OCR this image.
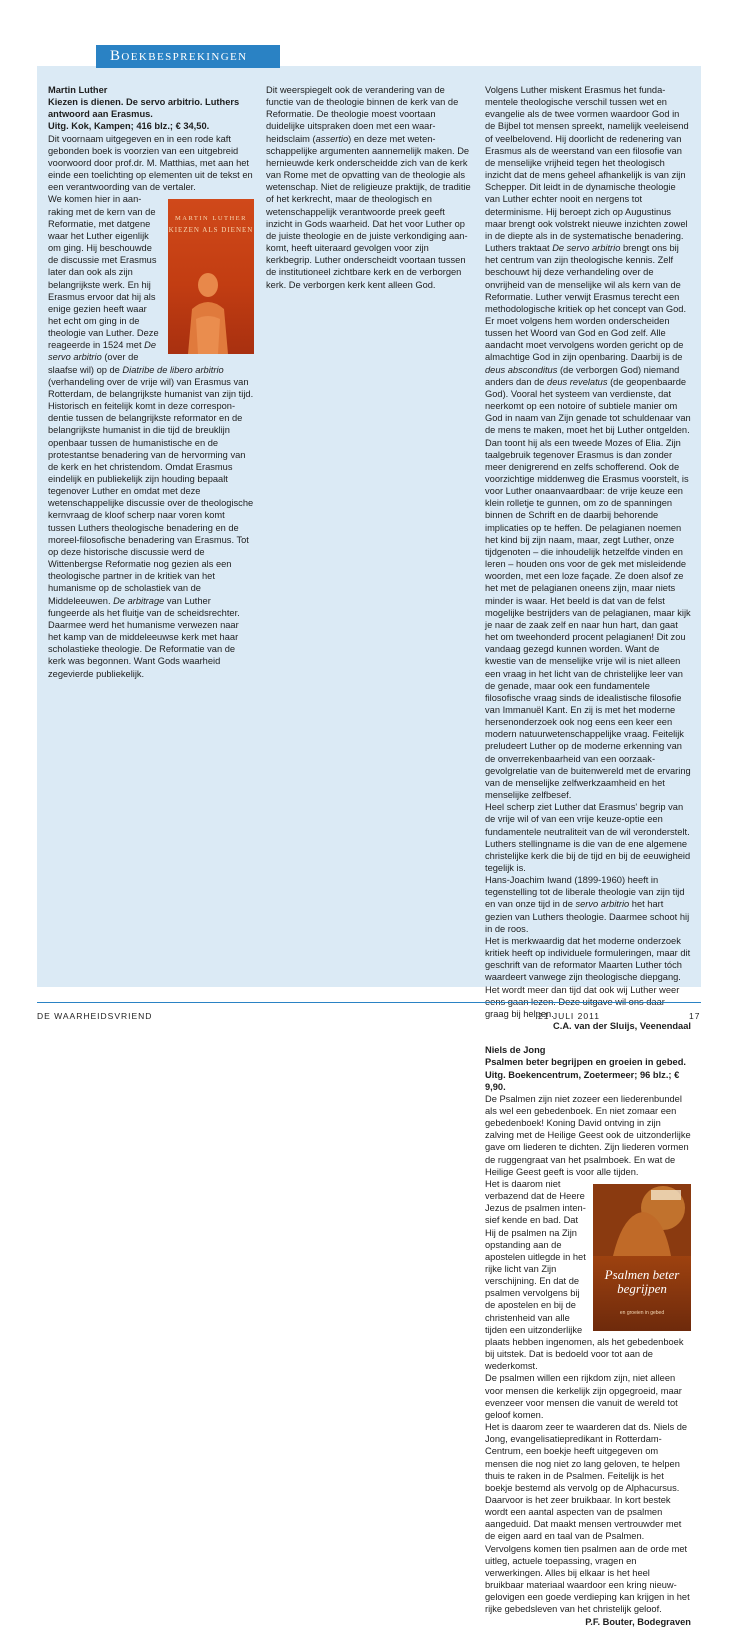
Boekbesprekingen

Martin Luther

Kiezen is dienen. De servo arbitrio. Luthers antwoord aan Erasmus.

Uitg. Kok, Kampen; 416 blz.; € 34,50.

Dit voornaam uitgegeven en in een rode kaft gebonden boek is voorzien van een uitgebreid voorwoord door prof.dr. M. Matthias, met aan het einde een toelichting op elementen uit de tekst en een verantwoording van de vertaler.

MARTIN LUTHER
KIEZEN ALS DIENEN

We komen hier in aanraking met de kern van de Reformatie, met datgene waar het Luther eigenlijk om ging. Hij beschouwde de discussie met Erasmus later dan ook als zijn belangrijkste werk. En hij Erasmus ervoor dat hij als enige gezien heeft waar het echt om ging in de theologie van Luther. Deze reageerde in 1524 met De servo arbitrio (over de slaafse wil) op de Diatribe de libero arbitrio (verhandeling over de vrije wil) van Erasmus van Rotterdam, de belangrijkste humanist van zijn tijd. Historisch en feitelijk komt in deze correspondentie tussen de belangrijkste reformator en de belangrijkste humanist in die tijd de breuklijn openbaar tussen de humanistische en de protestantse benadering van de hervorming van de kerk en het christendom. Omdat Erasmus eindelijk en publiekelijk zijn houding bepaalt tegenover Luther en omdat met deze wetenschappelijke discussie over de theologische kernvraag de kloof scherp naar voren komt tussen Luthers theologische benadering en de moreel-filosofische benadering van Erasmus. Tot op deze historische discussie werd de Wittenbergse Reformatie nog gezien als een theologische partner in de kritiek van het humanisme op de scholastiek van de Middeleeuwen. De arbitrage van Luther fungeerde als het fluitje van de scheidsrechter. Daarmee werd het humanisme verwezen naar het kamp van de middeleeuwse kerk met haar scholastieke theologie. De Reformatie van de kerk was begonnen. Want Gods waarheid zegevierde publiekelijk.

Dit weerspiegelt ook de verandering van de functie van de theologie binnen de kerk van de Reformatie. De theologie moest voortaan duidelijke uitspraken doen met een waarheidsclaim (assertio) en deze met wetenschappelijke argumenten aannemelijk maken. De hernieuwde kerk onderscheidde zich van de kerk van Rome met de opvatting van de theologie als wetenschap. Niet de religieuze praktijk, de traditie of het kerkrecht, maar de theologisch en wetenschappelijk verantwoorde preek geeft inzicht in Gods waarheid. Dat het voor Luther op de juiste theologie en de juiste verkondiging aankomt, heeft uiteraard gevolgen voor zijn kerkbegrip. Luther onderscheidt voortaan tussen de institutioneel zichtbare kerk en de verborgen kerk. De verborgen kerk kent alleen God.

Volgens Luther miskent Erasmus het fundamentele theologische verschil tussen wet en evangelie als de twee vormen waardoor God in de Bijbel tot mensen spreekt, namelijk veeleisend of veelbelovend. Hij doorlicht de redenering van Erasmus als de weerstand van een filosofie van de menselijke vrijheid tegen het theologisch inzicht dat de mens geheel afhankelijk is van zijn Schepper. Dit leidt in de dynamische theologie van Luther echter nooit en nergens tot determinisme. Hij beroept zich op Augustinus maar brengt ook volstrekt nieuwe inzichten zowel in de diepte als in de systematische benadering. Luthers traktaat De servo arbitrio brengt ons bij het centrum van zijn theologische kennis. Zelf beschouwt hij deze verhandeling over de onvrijheid van de menselijke wil als kern van de Reformatie. Luther verwijt Erasmus terecht een methodologische kritiek op het concept van God. Er moet volgens hem worden onderscheiden tussen het Woord van God en God zelf. Alle aandacht moet vervolgens worden gericht op de almachtige God in zijn openbaring. Daarbij is de deus absconditus (de verborgen God) niemand anders dan de deus revelatus (de geopenbaarde God). Vooral het systeem van verdienste, dat neerkomt op een notoire of subtiele manier om God in naam van Zijn genade tot schuldenaar van de mens te maken, moet het bij Luther ontgelden. Dan toont hij als een tweede Mozes of Elia. Zijn taalgebruik tegenover Erasmus is dan zonder meer denigrerend en zelfs schofferend. Ook de voorzichtige middenweg die Erasmus voorstelt, is voor Luther onaanvaardbaar: de vrije keuze een klein rolletje te gunnen, om zo de spanningen binnen de Schrift en de daarbij behorende implicaties op te heffen. De pelagianen noemen het kind bij zijn naam, maar, zegt Luther, onze tijdgenoten – die inhoudelijk hetzelfde vinden en leren – houden ons voor de gek met misleidende woorden, met een loze façade. Ze doen alsof ze het met de pelagianen oneens zijn, maar niets minder is waar. Het beeld is dat van de felst mogelijke bestrijders van de pelagianen, maar kijk je naar de zaak zelf en naar hun hart, dan gaat het om tweehonderd procent pelagianen! Dit zou vandaag gezegd kunnen worden. Want de kwestie van de menselijke vrije wil is niet alleen een vraag in het licht van de christelijke leer van de genade, maar ook een fundamentele filosofische vraag sinds de idealistische filosofie van Immanuël Kant. En zij is met het moderne hersenonderzoek ook nog eens een keer een modern natuurwetenschappelijke vraag. Feitelijk preludeert Luther op de moderne erkenning van de onverrekenbaarheid van een oorzaak-gevolgrelatie van de buitenwereld met de ervaring van de menselijke zelfwerkzaamheid en het menselijke zelfbesef.

Heel scherp ziet Luther dat Erasmus' begrip van de vrije wil of van een vrije keuze-optie een fundamentele neutraliteit van de wil veronderstelt. Luthers stellingname is die van de ene algemene christelijke kerk die bij de tijd en bij de eeuwigheid tegelijk is.

Hans-Joachim Iwand (1899-1960) heeft in tegenstelling tot de liberale theologie van zijn tijd en van onze tijd in de servo arbitrio het hart gezien van Luthers theologie. Daarmee schoot hij in de roos.

Het is merkwaardig dat het moderne onderzoek kritiek heeft op individuele formuleringen, maar dit geschrift van de reformator Maarten Luther tóch waardeert vanwege zijn theologische diepgang.

Het wordt meer dan tijd dat ook wij Luther weer graag bij helpen.

C.A. van der Sluijs, Veenendaal

Niels de Jong

Psalmen beter begrijpen en groeien in gebed.

Uitg. Boekencentrum, Zoetermeer; 96 blz.; € 9,90.

De Psalmen zijn niet zozeer een liederenbundel als wel een gebedenboek. En niet zomaar een gebedenboek! Koning David ontving in zijn zalving met de Heilige Geest ook de uitzonderlijke gave om liederen te dichten. Zijn liederen vormen de ruggengraat van het psalmboek. En wat de Heilige Geest geeft is voor alle tijden.

Psalmen beter begrijpen
en groeien in gebed

Het is daarom niet verbazend dat de Heere Jezus de psalmen intensief kende en bad. Dat Hij de psalmen na Zijn opstanding aan de apostelen uitlegde in het rijke licht van Zijn verschijning. En dat de psalmen vervolgens bij de apostelen en bij de christenheid van alle tijden een uitzonderlijke plaats hebben ingenomen, als het gebedenboek bij uitstek. Dat is bedoeld voor tot aan de wederkomst.

De psalmen willen een rijkdom zijn, niet alleen voor mensen die kerkelijk zijn opgegroeid, maar evenzeer voor mensen die vanuit de wereld tot geloof komen.

Het is daarom zeer te waarderen dat ds. Niels de Jong, evangelisatiepredikant in Rotterdam-Centrum, een boekje heeft uitgegeven om mensen die nog niet zo lang geloven, te helpen thuis te raken in de Psalmen. Feitelijk is het boekje bestemd als vervolg op de Alphacursus. Daarvoor is het zeer bruikbaar. In kort bestek wordt een aantal aspecten van de psalmen aangeduid. Dat maakt mensen vertrouwder met de eigen aard en taal van de Psalmen. Vervolgens komen tien psalmen aan de orde met uitleg, actuele toepassing, vragen en verwerkingen. Alles bij elkaar is het heel bruikbaar materiaal waardoor een kring nieuw-gelovigen een goede verdieping kan krijgen in het rijke gebedsleven van het christelijk geloof.

P.F. Bouter, Bodegraven

DE WAARHEIDSVRIEND	21 JULI 2011	17
